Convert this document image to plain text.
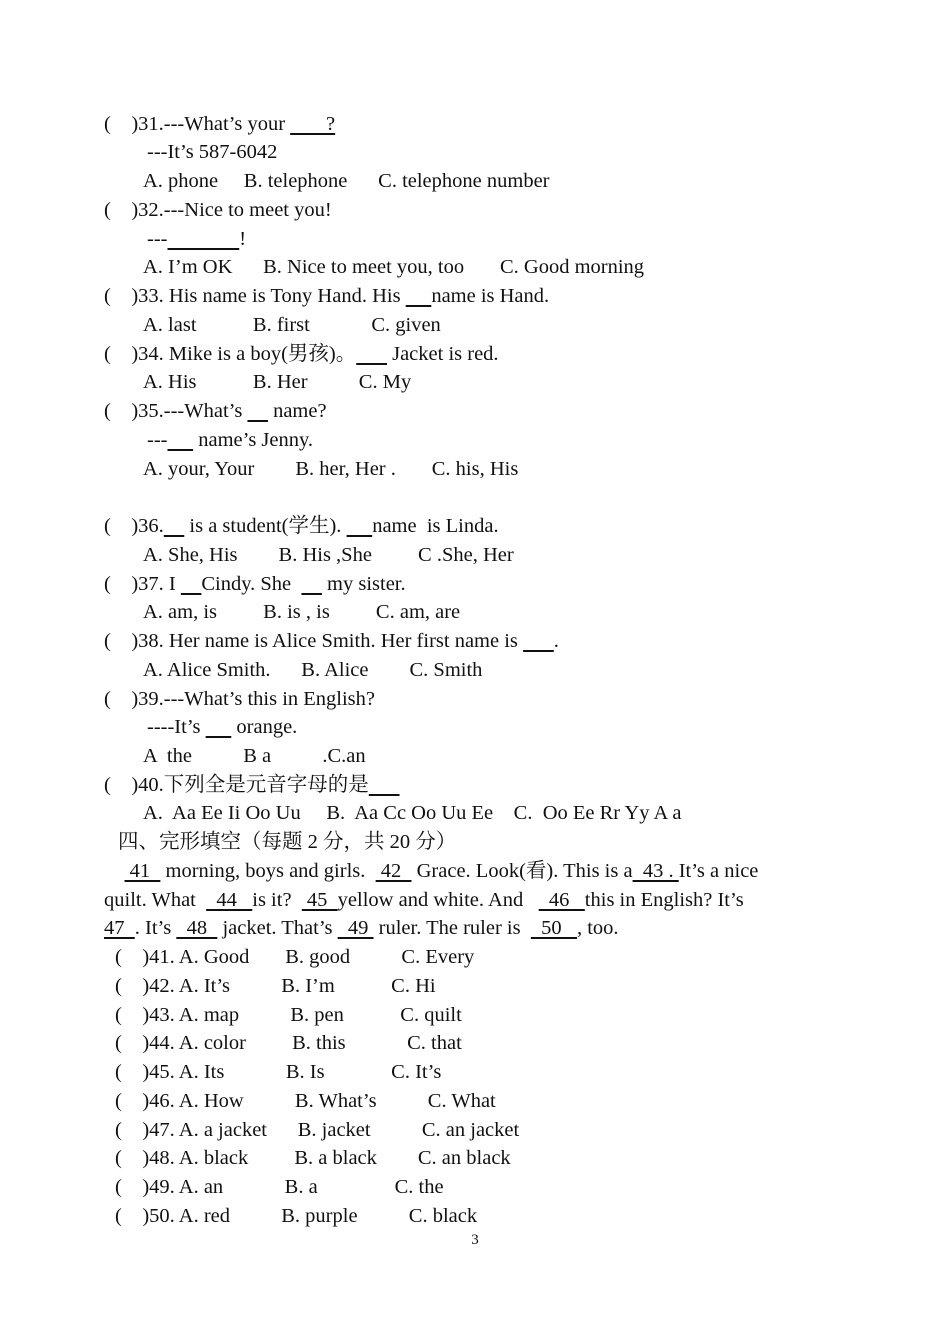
(    )31.---What’s your        ?
---It’s 587-6042
A. phone     B. telephone      C. telephone number
(    )32.---Nice to meet you!
---	!
A. I’m OK      B. Nice to meet you, too       C. Good morning
(    )33. His name is Tony Hand. His      name is Hand.
A. last           B. first            C. given
(    )34. Mike is a boy(男孩)。       Jacket is red.
A. His           B. Her          C. My
(    )35.---What’s      name?
---      name’s Jenny.
A. your, Your        B. her, Her .       C. his, His
(    )36.     is a student(学生).      name  is Linda.
A. She, His        B. His ,She         C .She, Her
(    )37. I     Cindy. She       my sister.
A. am, is         B. is , is         C. am, are
(    )38. Her name is Alice Smith. Her first name is       .
A. Alice Smith.      B. Alice        C. Smith
(    )39.---What’s this in English?
----It’s       orange.
A  the          B a          .C.an
(    )40.下列全是元音字母的是
A.  Aa Ee Ii Oo Uu     B.  Aa Cc Oo Uu Ee    C.  Oo Ee Rr Yy A a
四、完形填空（每题 2 分，共 20 分）
41   morning, boys and girls.   42   Grace. Look(看). This is a  43 . It’s a nice
quilt. What    44   is it?   45  yellow and white. And     46   this in English? It’s
47  . It’s   48   jacket. That’s   49  ruler. The ruler is    50   , too.
(    )41. A. Good       B. good          C. Every
(    )42. A. It’s          B. I’m           C. Hi
(    )43. A. map          B. pen           C. quilt
(    )44. A. color         B. this            C. that
(    )45. A. Its            B. Is             C. It’s
(    )46. A. How          B. What’s          C. What
(    )47. A. a jacket      B. jacket          C. an jacket
(    )48. A. black         B. a black        C. an black
(    )49. A. an            B. a               C. the
(    )50. A. red          B. purple          C. black
3
